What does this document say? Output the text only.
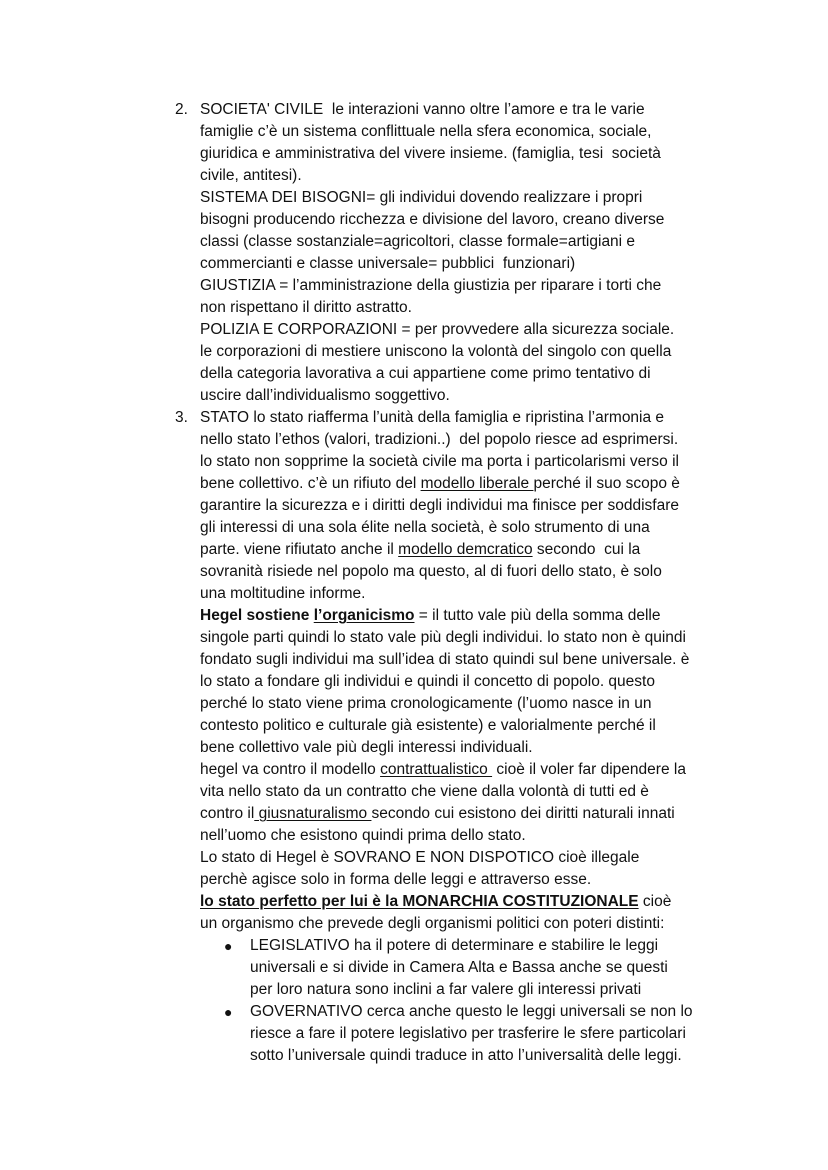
2. SOCIETA' CIVILE  le interazioni vanno oltre l’amore e tra le varie
famiglie c’è un sistema conflittuale nella sfera economica, sociale,
giuridica e amministrativa del vivere insieme. (famiglia, tesi  società
civile, antitesi).
SISTEMA DEI BISOGNI= gli individui dovendo realizzare i propri
bisogni producendo ricchezza e divisione del lavoro, creano diverse
classi (classe sostanziale=agricoltori, classe formale=artigiani e
commercianti e classe universale= pubblici  funzionari)
GIUSTIZIA = l’amministrazione della giustizia per riparare i torti che
non rispettano il diritto astratto.
POLIZIA E CORPORAZIONI = per provvedere alla sicurezza sociale.
le corporazioni di mestiere uniscono la volontà del singolo con quella
della categoria lavorativa a cui appartiene come primo tentativo di
uscire dall’individualismo soggettivo.
3. STATO lo stato riafferma l’unità della famiglia e ripristina l’armonia e
nello stato l’ethos (valori, tradizioni..)  del popolo riesce ad esprimersi.
lo stato non sopprime la società civile ma porta i particolarismi verso il
bene collettivo. c’è un rifiuto del modello liberale perché il suo scopo è
garantire la sicurezza e i diritti degli individui ma finisce per soddisfare
gli interessi di una sola élite nella società, è solo strumento di una
parte. viene rifiutato anche il modello demcratico secondo  cui la
sovranità risiede nel popolo ma questo, al di fuori dello stato, è solo
una moltitudine informe.
Hegel sostiene l’organicismo = il tutto vale più della somma delle
singole parti quindi lo stato vale più degli individui. lo stato non è quindi
fondato sugli individui ma sull’idea di stato quindi sul bene universale. è
lo stato a fondare gli individui e quindi il concetto di popolo. questo
perché lo stato viene prima cronologicamente (l’uomo nasce in un
contesto politico e culturale già esistente) e valorialmente perché il
bene collettivo vale più degli interessi individuali.
hegel va contro il modello contrattualistico  cioè il voler far dipendere la
vita nello stato da un contratto che viene dalla volontà di tutti ed è
contro il giusnaturalismo secondo cui esistono dei diritti naturali innati
nell’uomo che esistono quindi prima dello stato.
Lo stato di Hegel è SOVRANO E NON DISPOTICO cioè illegale
perchè agisce solo in forma delle leggi e attraverso esse.
lo stato perfetto per lui è la MONARCHIA COSTITUZIONALE cioè
un organismo che prevede degli organismi politici con poteri distinti:
● LEGISLATIVO ha il potere di determinare e stabilire le leggi
universali e si divide in Camera Alta e Bassa anche se questi
per loro natura sono inclini a far valere gli interessi privati
● GOVERNATIVO cerca anche questo le leggi universali se non lo
riesce a fare il potere legislativo per trasferire le sfere particolari
sotto l’universale quindi traduce in atto l’universalità delle leggi.
